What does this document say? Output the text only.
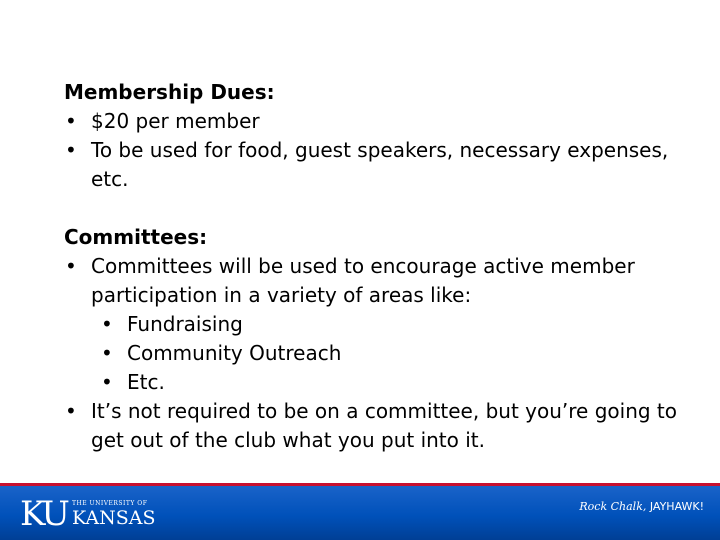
Membership Dues:

• $20 per member

• To be used for food, guest speakers, necessary expenses, etc.

Committees:

• Committees will be used to encourage active member participation in a variety of areas like:

• Fundraising

• Community Outreach

• Etc.

• It’s not required to be on a committee, but you’re going to get out of the club what you put into it.

KU THE UNIVERSITY OF
KANSAS
Rock Chalk, JAYHAWK!
